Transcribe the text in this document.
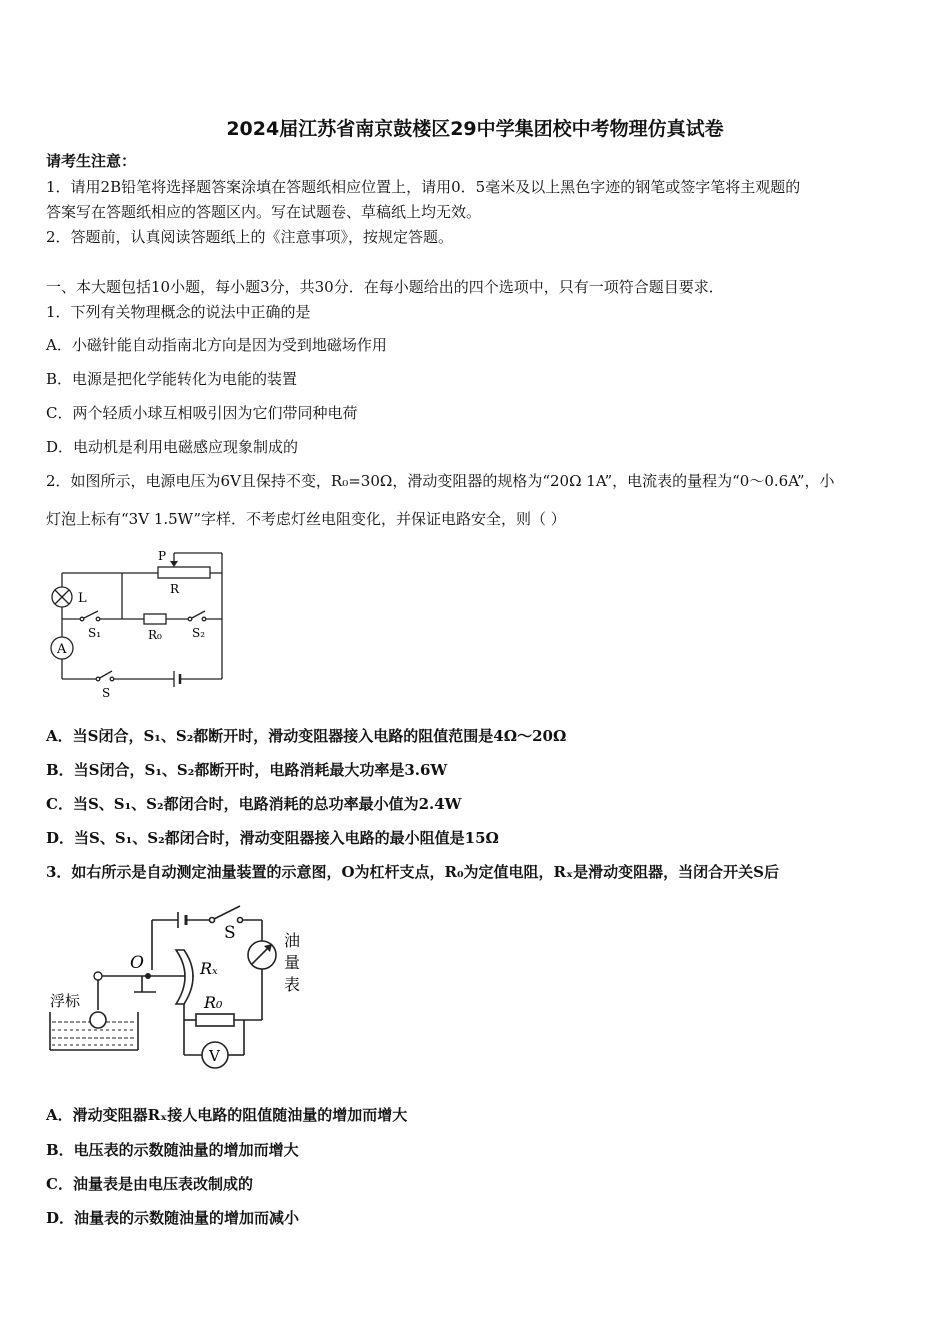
2024届江苏省南京鼓楼区29中学集团校中考物理仿真试卷
请考生注意：
1．请用2B铅笔将选择题答案涂填在答题纸相应位置上，请用0．5毫米及以上黑色字迹的钢笔或签字笔将主观题的
答案写在答题纸相应的答题区内。写在试题卷、草稿纸上均无效。
2．答题前，认真阅读答题纸上的《注意事项》，按规定答题。
一、本大题包括10小题，每小题3分，共30分．在每小题给出的四个选项中，只有一项符合题目要求．
1．下列有关物理概念的说法中正确的是
A．小磁针能自动指南北方向是因为受到地磁场作用
B．电源是把化学能转化为电能的装置
C．两个轻质小球互相吸引因为它们带同种电荷
D．电动机是利用电磁感应现象制成的
2．如图所示，电源电压为6V且保持不变，R₀=30Ω，滑动变阻器的规格为“20Ω 1A”，电流表的量程为“0～0.6A”，小
灯泡上标有“3V 1.5W”字样．不考虑灯丝电阻变化，并保证电路安全，则（ ）
P
R
L
S₁	R₀	S₂
A
S
A．当S闭合，S₁、S₂都断开时，滑动变阻器接入电路的阻值范围是4Ω～20Ω
B．当S闭合，S₁、S₂都断开时，电路消耗最大功率是3.6W
C．当S、S₁、S₂都闭合时，电路消耗的总功率最小值为2.4W
D．当S、S₁、S₂都闭合时，滑动变阻器接入电路的最小阻值是15Ω
3．如右所示是自动测定油量装置的示意图，O为杠杆支点，R₀为定值电阻，Rₓ是滑动变阻器，当闭合开关S后
S
O	Rₓ
R₀
浮标
油
量
表
V
A．滑动变阻器Rₓ接人电路的阻值随油量的增加而增大
B．电压表的示数随油量的增加而增大
C．油量表是由电压表改制成的
D．油量表的示数随油量的增加而减小
